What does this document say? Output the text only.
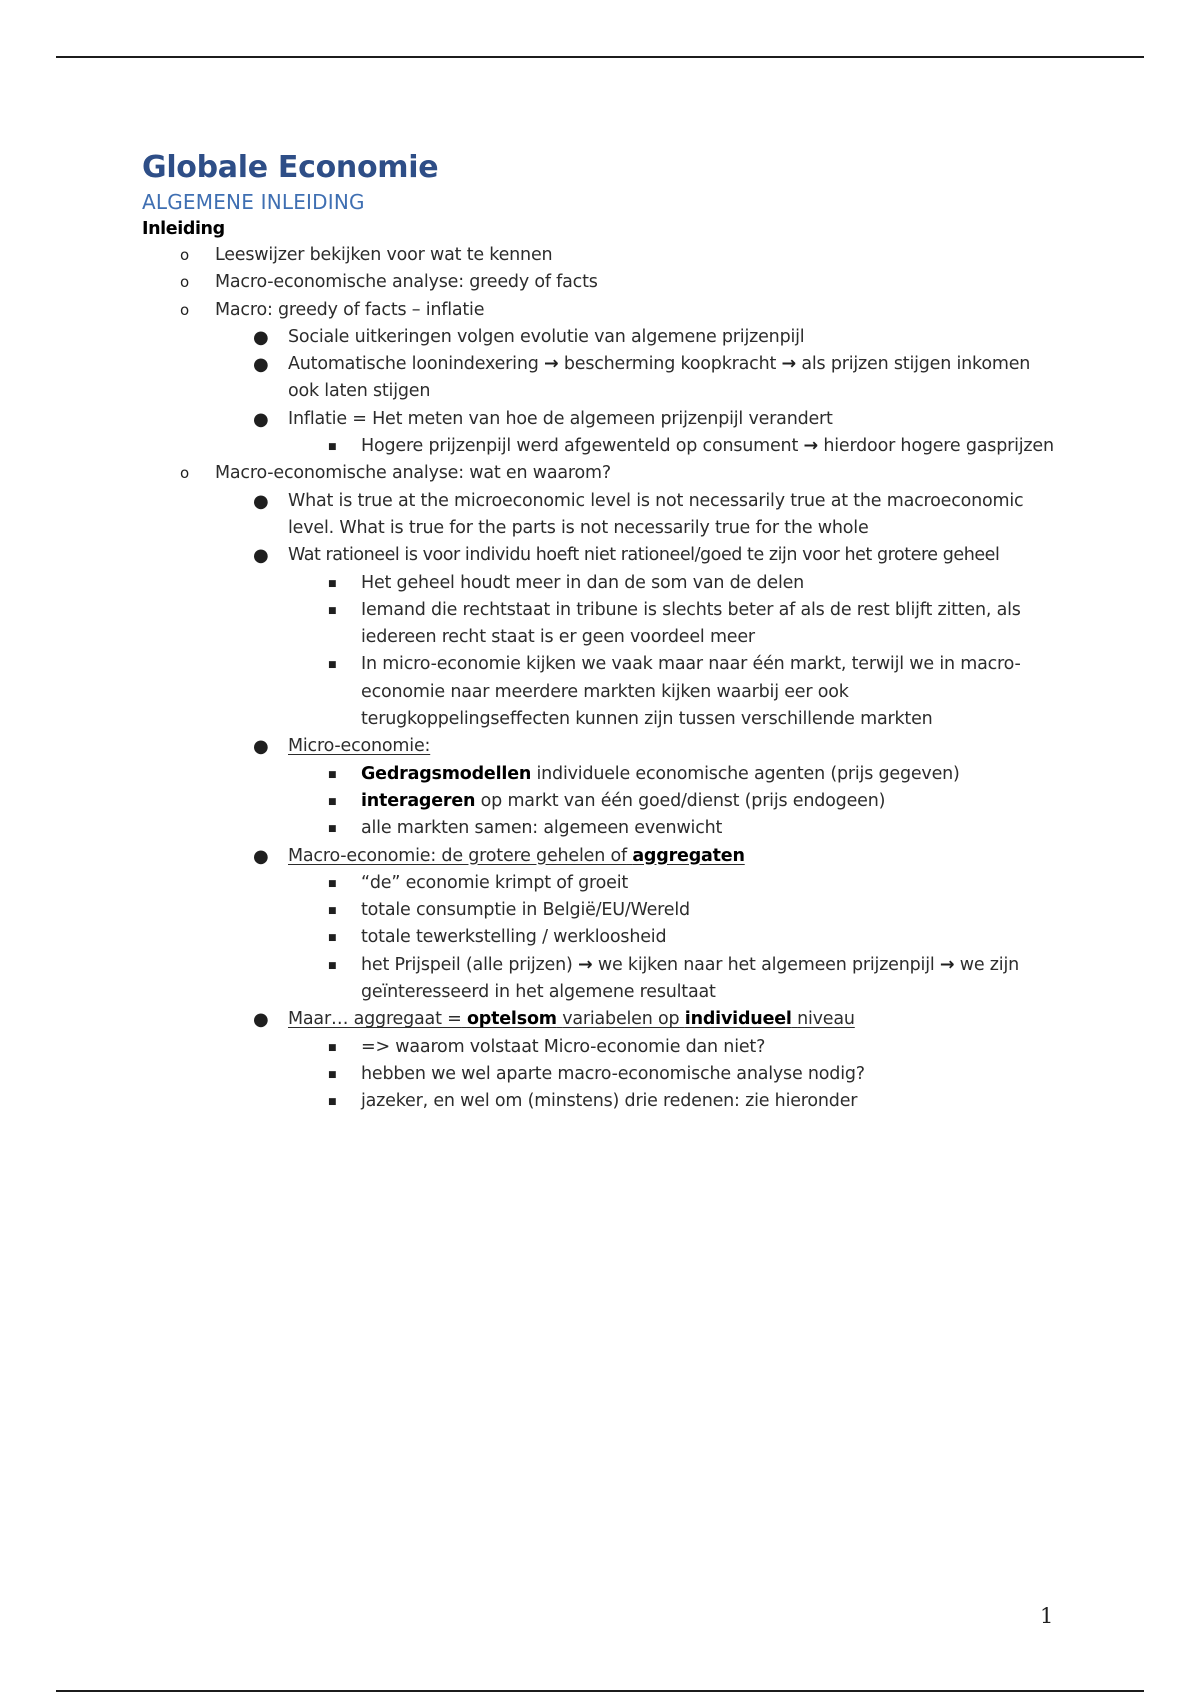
Globale Economie
ALGEMENE INLEIDING
Inleiding
o Leeswijzer bekijken voor wat te kennen
o Macro-economische analyse: greedy of facts
o Macro: greedy of facts – inflatie
● Sociale uitkeringen volgen evolutie van algemene prijzenpijl
● Automatische loonindexering → bescherming koopkracht → als prijzen stijgen inkomen ook laten stijgen
● Inflatie = Het meten van hoe de algemeen prijzenpijl verandert
■ Hogere prijzenpijl werd afgewenteld op consument → hierdoor hogere gasprijzen
o Macro-economische analyse: wat en waarom?
● What is true at the microeconomic level is not necessarily true at the macroeconomic level. What is true for the parts is not necessarily true for the whole
● Wat rationeel is voor individu hoeft niet rationeel/goed te zijn voor het grotere geheel
■ Het geheel houdt meer in dan de som van de delen
■ Iemand die rechtstaat in tribune is slechts beter af als de rest blijft zitten, als iedereen recht staat is er geen voordeel meer
■ In micro-economie kijken we vaak maar naar één markt, terwijl we in macro-economie naar meerdere markten kijken waarbij eer ook terugkoppelingseffecten kunnen zijn tussen verschillende markten
● Micro-economie:
■ Gedragsmodellen individuele economische agenten (prijs gegeven)
■ interageren op markt van één goed/dienst (prijs endogeen)
■ alle markten samen: algemeen evenwicht
● Macro-economie: de grotere gehelen of aggregaten
■ “de” economie krimpt of groeit
■ totale consumptie in België/EU/Wereld
■ totale tewerkstelling / werkloosheid
■ het Prijspeil (alle prijzen) → we kijken naar het algemeen prijzenpijl → we zijn geïnteresseerd in het algemene resultaat
● Maar… aggregaat = optelsom variabelen op individueel niveau
■ => waarom volstaat Micro-economie dan niet?
■ hebben we wel aparte macro-economische analyse nodig?
■ jazeker, en wel om (minstens) drie redenen: zie hieronder
1
